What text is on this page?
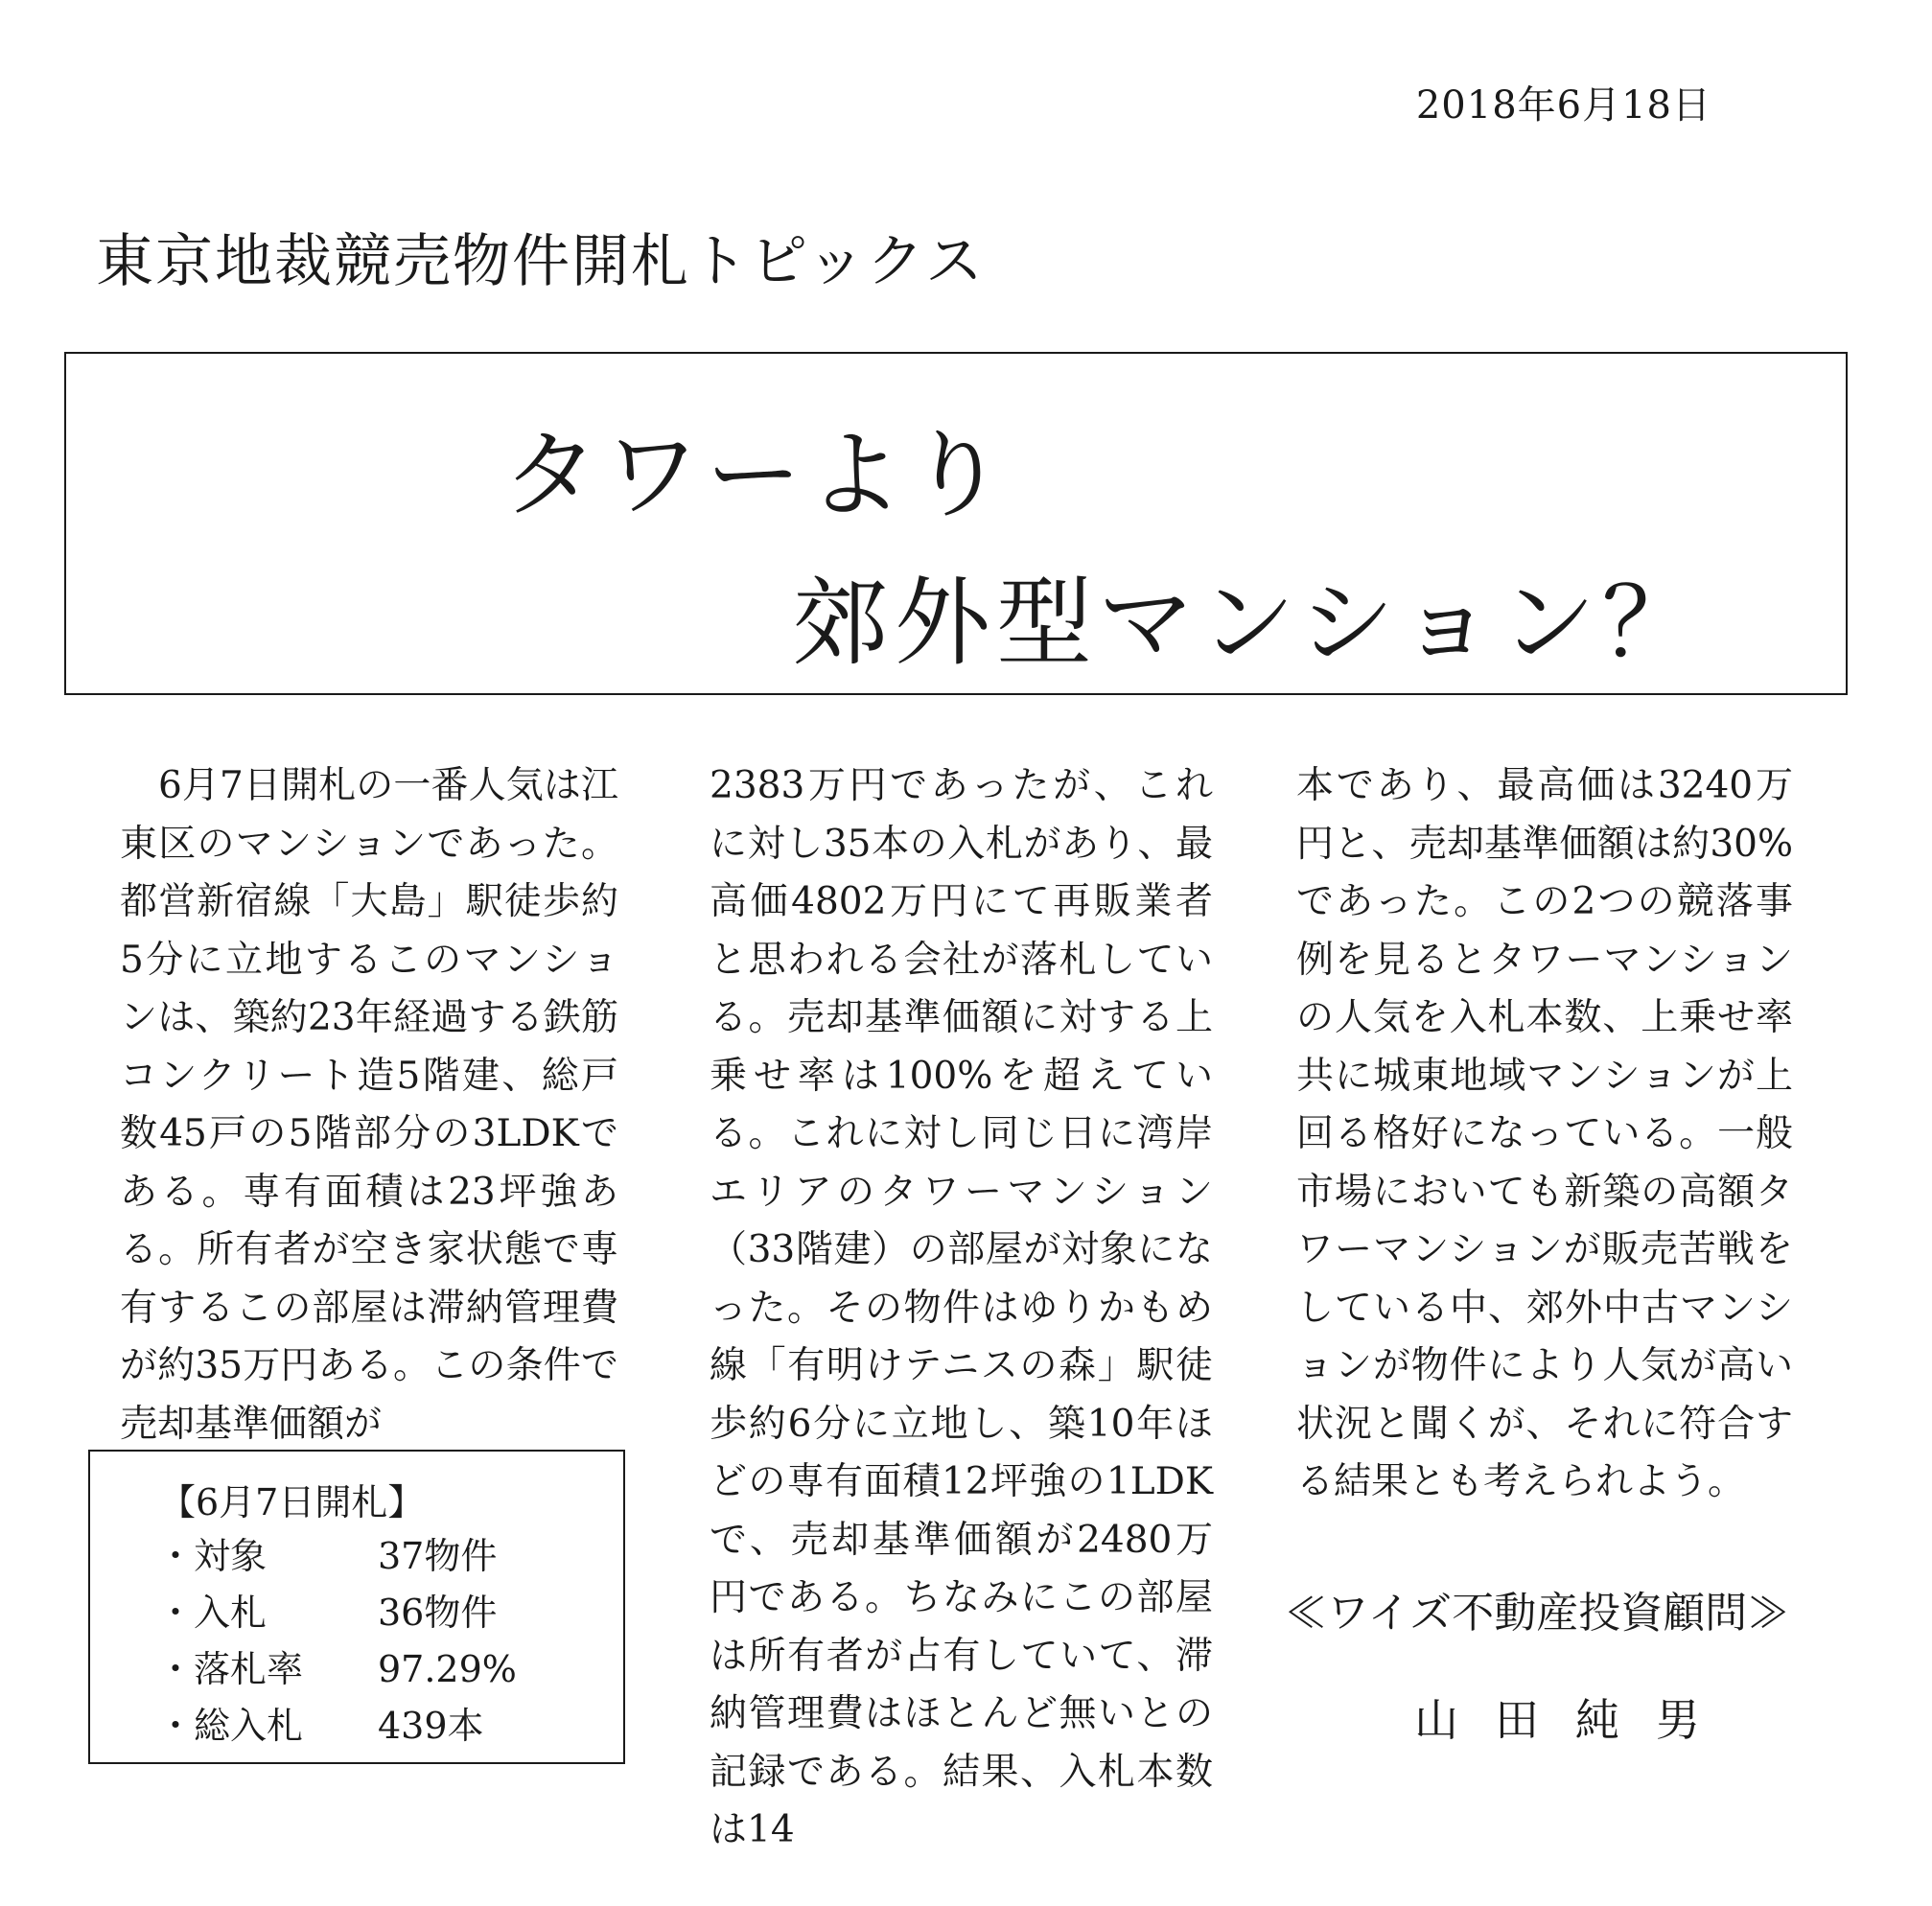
2018年6月18日
東京地裁競売物件開札トピックス
タワーより
郊外型マンション？

6月7日開札の一番人気は江東区のマンションであった。都営新宿線「大島」駅徒歩約5分に立地するこのマンションは、築約23年経過する鉄筋コンクリート造5階建、総戸数45戸の5階部分の3LDKである。専有面積は23坪強ある。所有者が空き家状態で専有するこの部屋は滞納管理費が約35万円ある。この条件で売却基準価額が

2383万円であったが、これに対し35本の入札があり、最高価4802万円にて再販業者と思われる会社が落札している。売却基準価額に対する上乗せ率は100%を超えている。これに対し同じ日に湾岸エリアのタワーマンション（33階建）の部屋が対象になった。その物件はゆりかもめ線「有明けテニスの森」駅徒歩約6分に立地し、築10年ほどの専有面積12坪強の1LDKで、売却基準価額が2480万円である。ちなみにこの部屋は所有者が占有していて、滞納管理費はほとんど無いとの記録である。結果、入札本数は14

本であり、最高価は3240万円と、売却基準価額は約30%であった。この2つの競落事例を見るとタワーマンションの人気を入札本数、上乗せ率共に城東地域マンションが上回る格好になっている。一般市場においても新築の高額タワーマンションが販売苦戦をしている中、郊外中古マンションが物件により人気が高い状況と聞くが、それに符合する結果とも考えられよう。

【6月7日開札】
・対象	37物件
・入札	36物件
・落札率 97.29%
・総入札 439本
≪ワイズ不動産投資顧問≫
山田純男
